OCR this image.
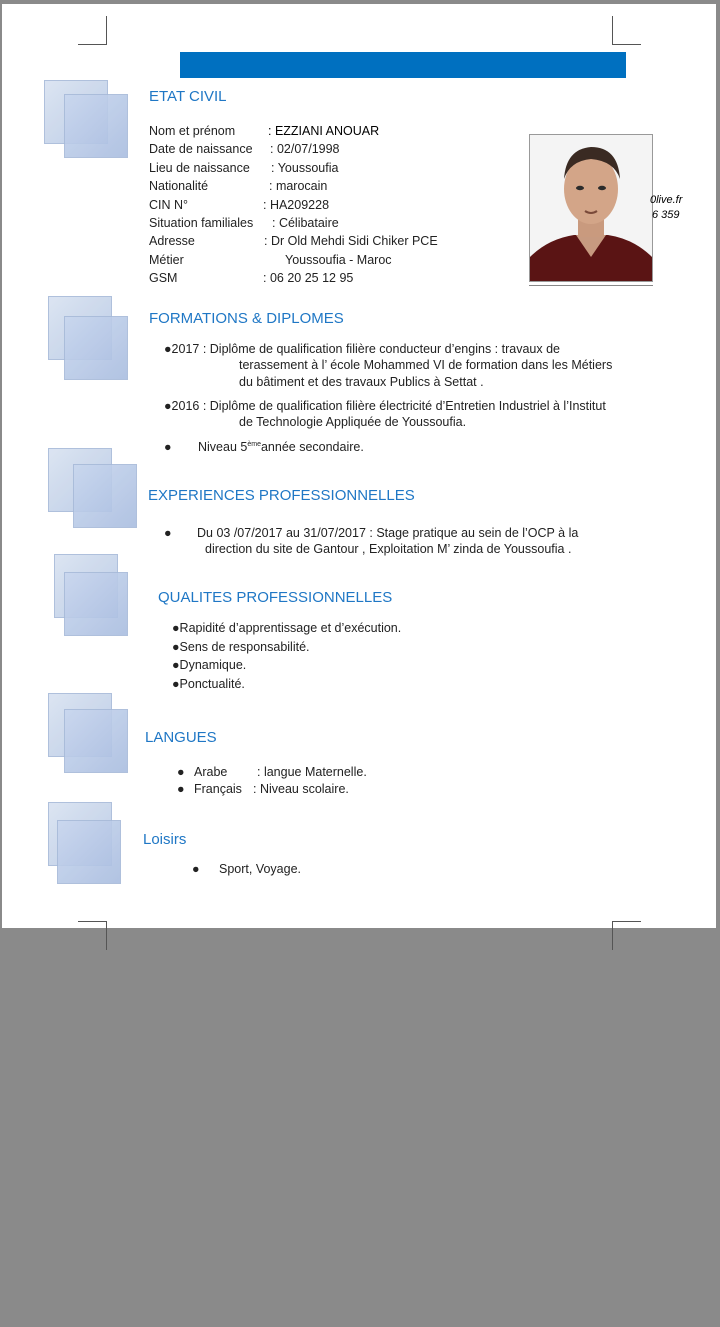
ETAT CIVIL
Nom et prénom	: EZZIANI ANOUAR
Date de naissance : 02/07/1998
Lieu de naissance : Youssoufia
Nationalité	: marocain
CIN N°	: HA209228
Situation familiales : Célibataire
Adresse	: Dr Old Mehdi Sidi Chiker PCE
Métier	Youssoufia - Maroc
GSM	: 06 20 25 12 95
0live.fr
6 359
FORMATIONS & DIPLOMES
●2017 : Diplôme de qualification filière conducteur d’engins : travaux de
terassement à l’ école Mohammed VI de formation dans les Métiers
du bâtiment et des travaux Publics à Settat .
●2016 : Diplôme de qualification filière électricité d’Entretien Industriel à l’Institut
de Technologie Appliquée de Youssoufia.
● Niveau 5èmeannée secondaire.
EXPERIENCES PROFESSIONNELLES
● Du 03 /07/2017 au 31/07/2017 : Stage pratique au sein de l’OCP à la
direction du site de Gantour , Exploitation M’ zinda de Youssoufia .
QUALITES PROFESSIONNELLES
●Rapidité d’apprentissage et d’exécution.
●Sens de responsabilité.
●Dynamique.
●Ponctualité.
LANGUES
● Arabe : langue Maternelle.
● Français : Niveau scolaire.
Loisirs
● Sport, Voyage.
